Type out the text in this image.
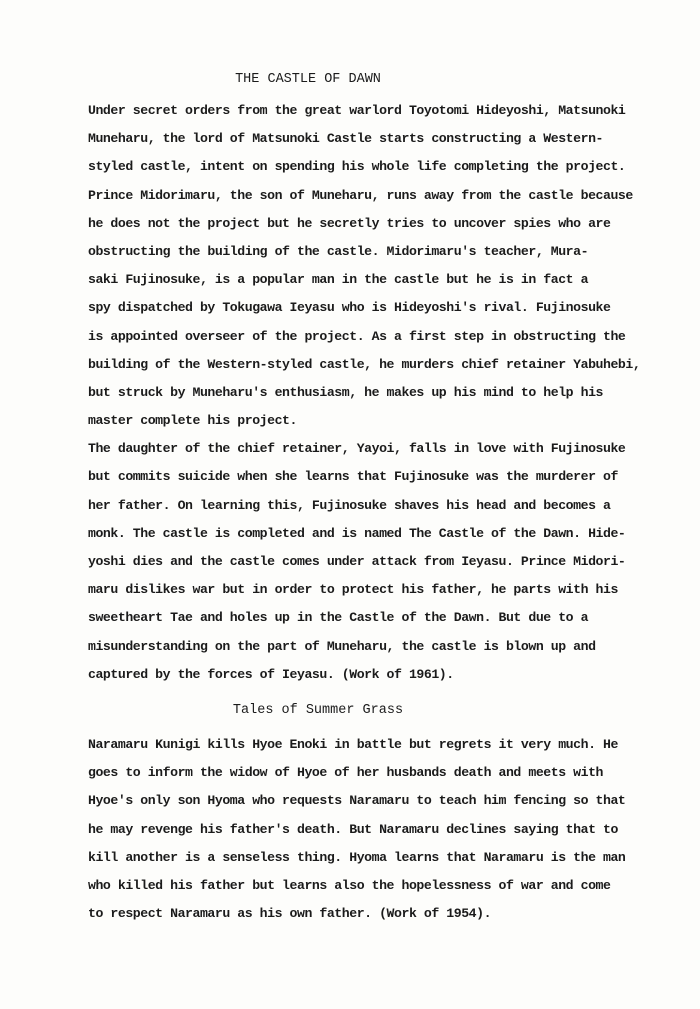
THE CASTLE OF DAWN
Under secret orders from the great warlord Toyotomi Hideyoshi, Matsunoki
Muneharu, the lord of Matsunoki Castle starts constructing a Western-
styled castle, intent on spending his whole life completing the project.
Prince Midorimaru, the son of Muneharu, runs away from the castle because
he does not the project but he secretly tries to uncover spies who are
obstructing the building of the castle. Midorimaru's teacher, Mura-
saki Fujinosuke, is a popular man in the castle but he is in fact a
spy dispatched by Tokugawa Ieyasu who is Hideyoshi's rival. Fujinosuke
is appointed overseer of the project. As a first step in obstructing the
building of the Western-styled castle, he murders chief retainer Yabuhebi,
but struck by Muneharu's enthusiasm, he makes up his mind to help his
master complete his project.
The daughter of the chief retainer, Yayoi, falls in love with Fujinosuke
but commits suicide when she learns that Fujinosuke was the murderer of
her father. On learning this, Fujinosuke shaves his head and becomes a
monk. The castle is completed and is named The Castle of the Dawn. Hide-
yoshi dies and the castle comes under attack from Ieyasu. Prince Midori-
maru dislikes war but in order to protect his father, he parts with his
sweetheart Tae and holes up in the Castle of the Dawn. But due to a
misunderstanding on the part of Muneharu, the castle is blown up and
captured by the forces of Ieyasu. (Work of 1961).
Tales of Summer Grass
Naramaru Kunigi kills Hyoe Enoki in battle but regrets it very much. He
goes to inform the widow of Hyoe of her husbands death and meets with
Hyoe's only son Hyoma who requests Naramaru to teach him fencing so that
he may revenge his father's death. But Naramaru declines saying that to
kill another is a senseless thing. Hyoma learns that Naramaru is the man
who killed his father but learns also the hopelessness of war and come
to respect Naramaru as his own father. (Work of 1954).
